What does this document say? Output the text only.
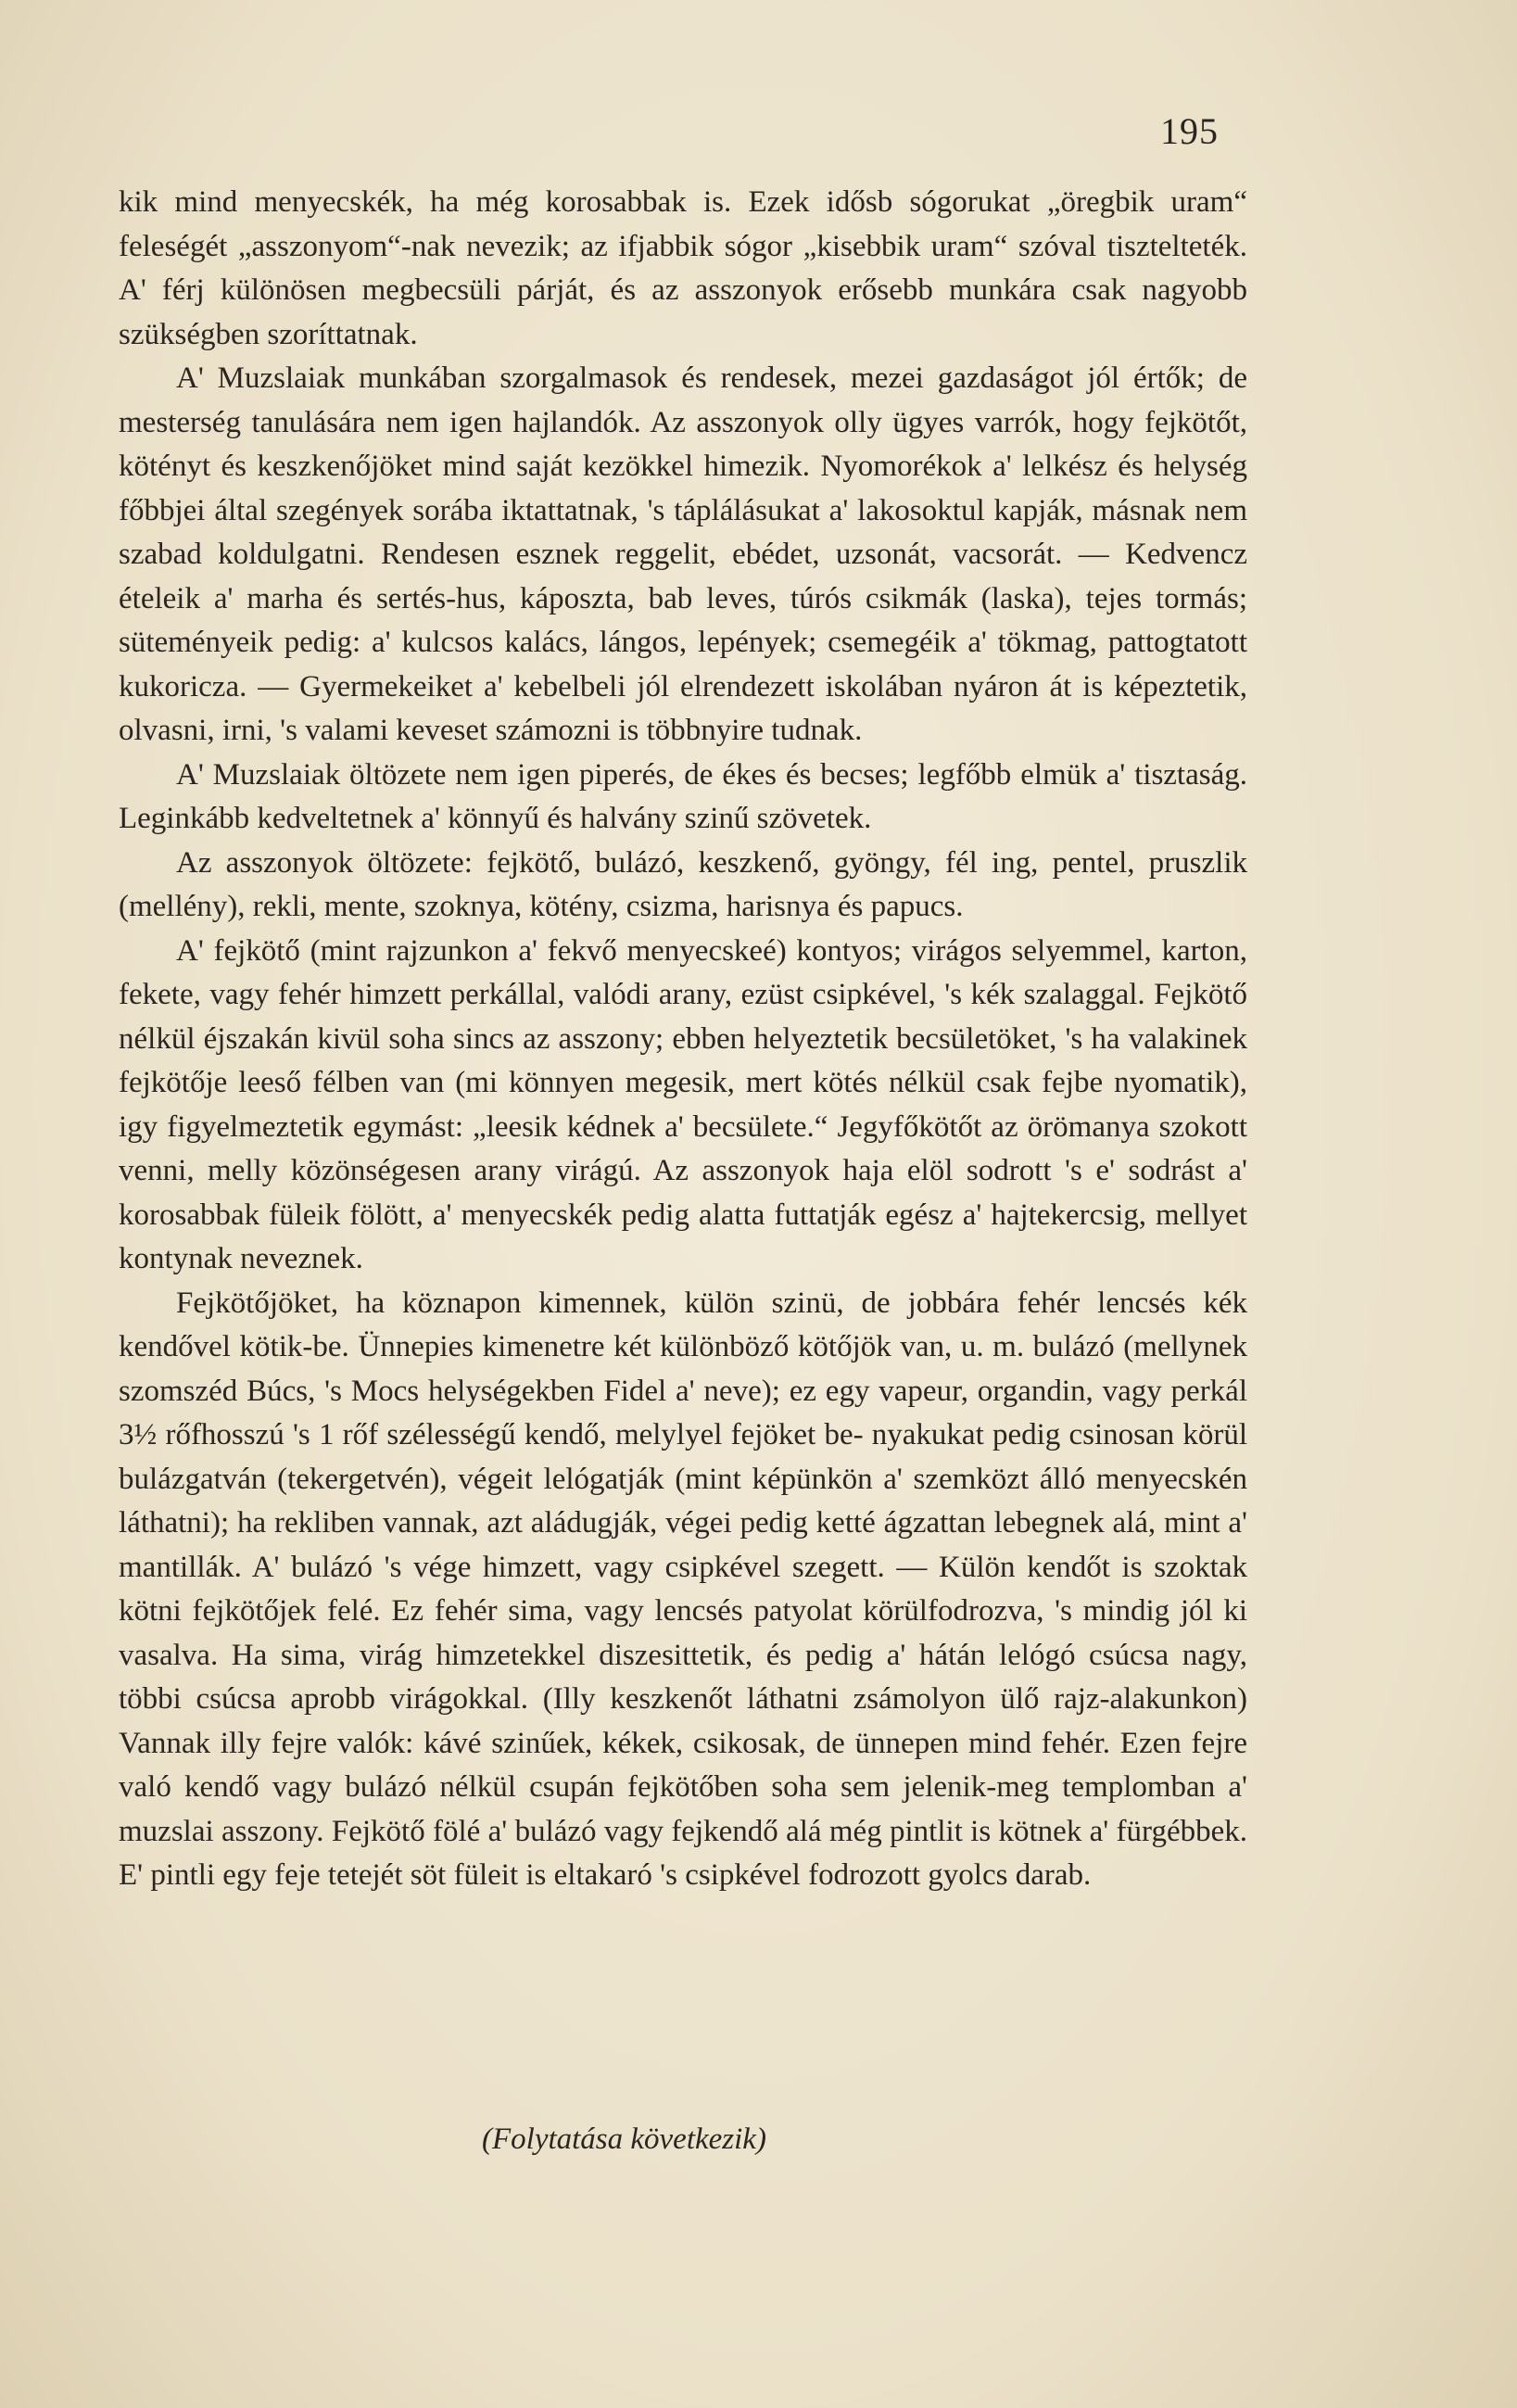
195

kik mind menyecskék, ha még korosabbak is. Ezek idősb sógorukat „öregbik uram“ feleségét „asszonyom“-nak nevezik; az ifjabbik sógor „kisebbik uram“ szóval tisztelteték. A' férj különösen megbecsüli párját, és az asszonyok erősebb munkára csak nagyobb szükségben szoríttatnak.

A' Muzslaiak munkában szorgalmasok és rendesek, mezei gazdaságot jól értők; de mesterség tanulására nem igen hajlandók. Az asszonyok olly ügyes varrók, hogy fejkötőt, kötényt és keszkenőjöket mind saját kezökkel himezik. Nyomorékok a' lelkész és helység főbbjei által szegények sorába iktattatnak, 's táplálásukat a' lakosoktul kapják, másnak nem szabad koldulgatni. Rendesen esznek reggelit, ebédet, uzsonát, vacsorát. — Kedvencz ételeik a' marha és sertés-hus, káposzta, bab leves, túrós csikmák (laska), tejes tormás; süteményeik pedig: a' kulcsos kalács, lángos, lepények; csemegéik a' tökmag, pattogtatott kukoricza. — Gyermekeiket a' kebelbeli jól elrendezett iskolában nyáron át is képeztetik, olvasni, irni, 's valami keveset számozni is többnyire tudnak.

A' Muzslaiak öltözete nem igen piperés, de ékes és becses; legfőbb elmük a' tisztaság. Leginkább kedveltetnek a' könnyű és halvány szinű szövetek.

Az asszonyok öltözete: fejkötő, bulázó, keszkenő, gyöngy, fél ing, pentel, pruszlik (mellény), rekli, mente, szoknya, kötény, csizma, harisnya és papucs.

A' fejkötő (mint rajzunkon a' fekvő menyecskeé) kontyos; virágos selyemmel, karton, fekete, vagy fehér himzett perkállal, valódi arany, ezüst csipkével, 's kék szalaggal. Fejkötő nélkül éjszakán kivül soha sincs az asszony; ebben helyeztetik becsületöket, 's ha valakinek fejkötője leeső félben van (mi könnyen megesik, mert kötés nélkül csak fejbe nyomatik), igy figyelmeztetik egymást: „leesik kédnek a' becsülete.“ Jegyfőkötőt az örömanya szokott venni, melly közönségesen arany virágú. Az asszonyok haja elöl sodrott 's e' sodrást a' korosabbak füleik fölött, a' menyecskék pedig alatta futtatják egész a' hajtekercsig, mellyet kontynak neveznek.

Fejkötőjöket, ha köznapon kimennek, külön szinü, de jobbára fehér lencsés kék kendővel kötik-be. Ünnepies kimenetre két különböző kötőjök van, u. m. bulázó (mellynek szomszéd Búcs, 's Mocs helységekben Fidel a' neve); ez egy vapeur, organdin, vagy perkál 3½ rőfhosszú 's 1 rőf szélességű kendő, melylyel fejöket be- nyakukat pedig csinosan körül bulázgatván (tekergetvén), végeit lelógatják (mint képünkön a' szemközt álló menyecskén láthatni); ha rekliben vannak, azt aládugják, végei pedig ketté ágzattan lebegnek alá, mint a' mantillák. A' bulázó 's vége himzett, vagy csipkével szegett. — Külön kendőt is szoktak kötni fejkötőjek felé. Ez fehér sima, vagy lencsés patyolat körülfodrozva, 's mindig jól ki vasalva. Ha sima, virág himzetekkel diszesittetik, és pedig a' hátán lelógó csúcsa nagy, többi csúcsa aprobb virágokkal. (Illy keszkenőt láthatni zsámolyon ülő rajz-alakunkon) Vannak illy fejre valók: kávé szinűek, kékek, csikosak, de ünnepen mind fehér. Ezen fejre való kendő vagy bulázó nélkül csupán fejkötőben soha sem jelenik-meg templomban a' muzslai asszony. Fejkötő fölé a' bulázó vagy fejkendő alá még pintlit is kötnek a' fürgébbek. E' pintli egy feje tetejét söt füleit is eltakaró 's csipkével fodrozott gyolcs darab.

(Folytatása következik)
